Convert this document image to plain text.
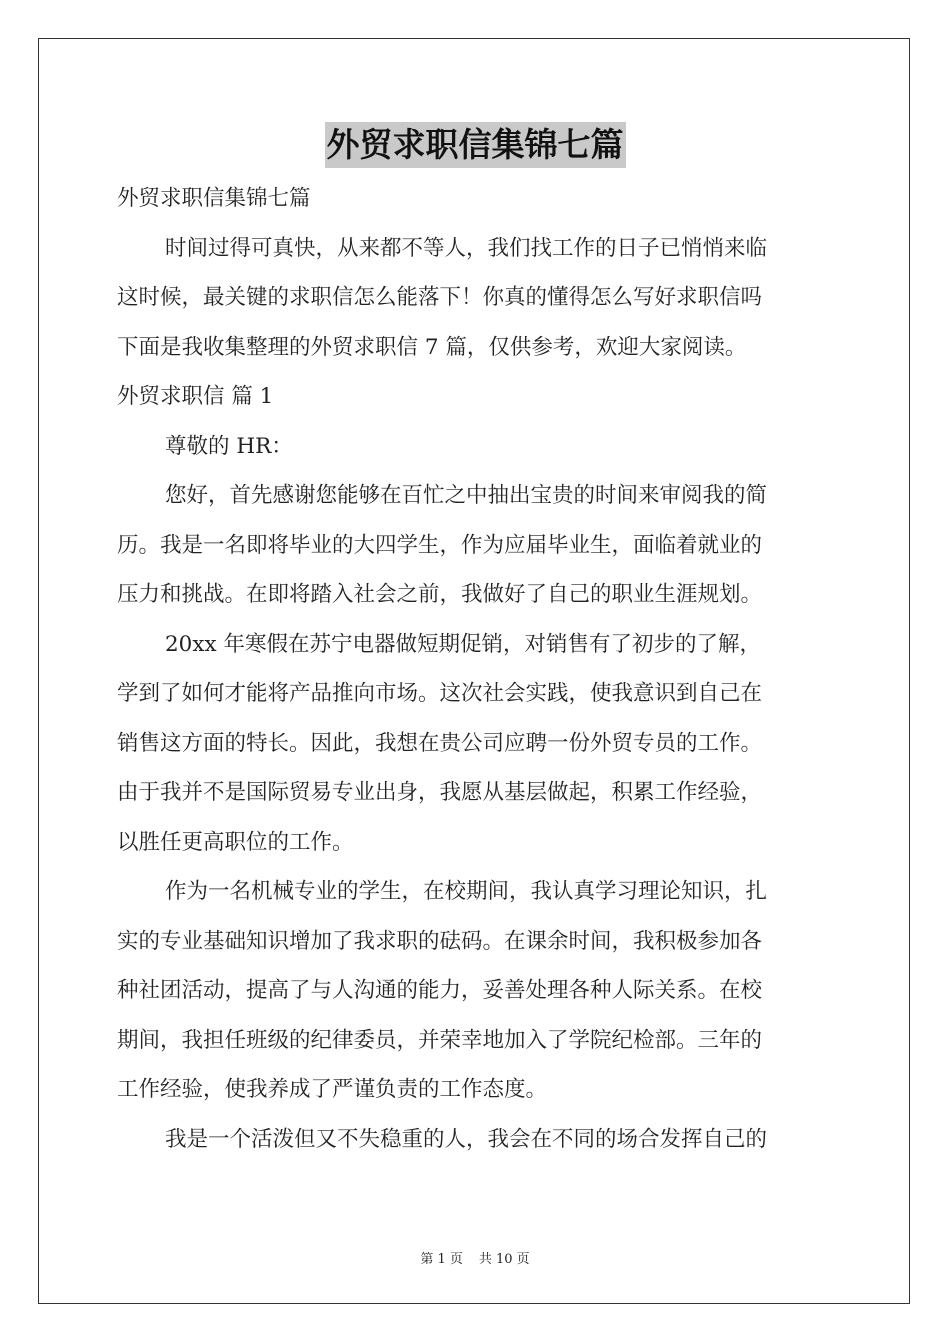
外贸求职信集锦七篇

外贸求职信集锦七篇

时间过得可真快，从来都不等人，我们找工作的日子已悄悄来临

这时候，最关键的求职信怎么能落下！你真的懂得怎么写好求职信吗

下面是我收集整理的外贸求职信 7 篇，仅供参考，欢迎大家阅读。

外贸求职信 篇 1

尊敬的 HR：

您好，首先感谢您能够在百忙之中抽出宝贵的时间来审阅我的简

历。我是一名即将毕业的大四学生，作为应届毕业生，面临着就业的

压力和挑战。在即将踏入社会之前，我做好了自己的职业生涯规划。

20xx 年寒假在苏宁电器做短期促销，对销售有了初步的了解，

学到了如何才能将产品推向市场。这次社会实践，使我意识到自己在

销售这方面的特长。因此，我想在贵公司应聘一份外贸专员的工作。

由于我并不是国际贸易专业出身，我愿从基层做起，积累工作经验，

以胜任更高职位的工作。

作为一名机械专业的学生，在校期间，我认真学习理论知识，扎

实的专业基础知识增加了我求职的砝码。在课余时间，我积极参加各

种社团活动，提高了与人沟通的能力，妥善处理各种人际关系。在校

期间，我担任班级的纪律委员，并荣幸地加入了学院纪检部。三年的

工作经验，使我养成了严谨负责的工作态度。

我是一个活泼但又不失稳重的人，我会在不同的场合发挥自己的

第 1 页 共 10 页
